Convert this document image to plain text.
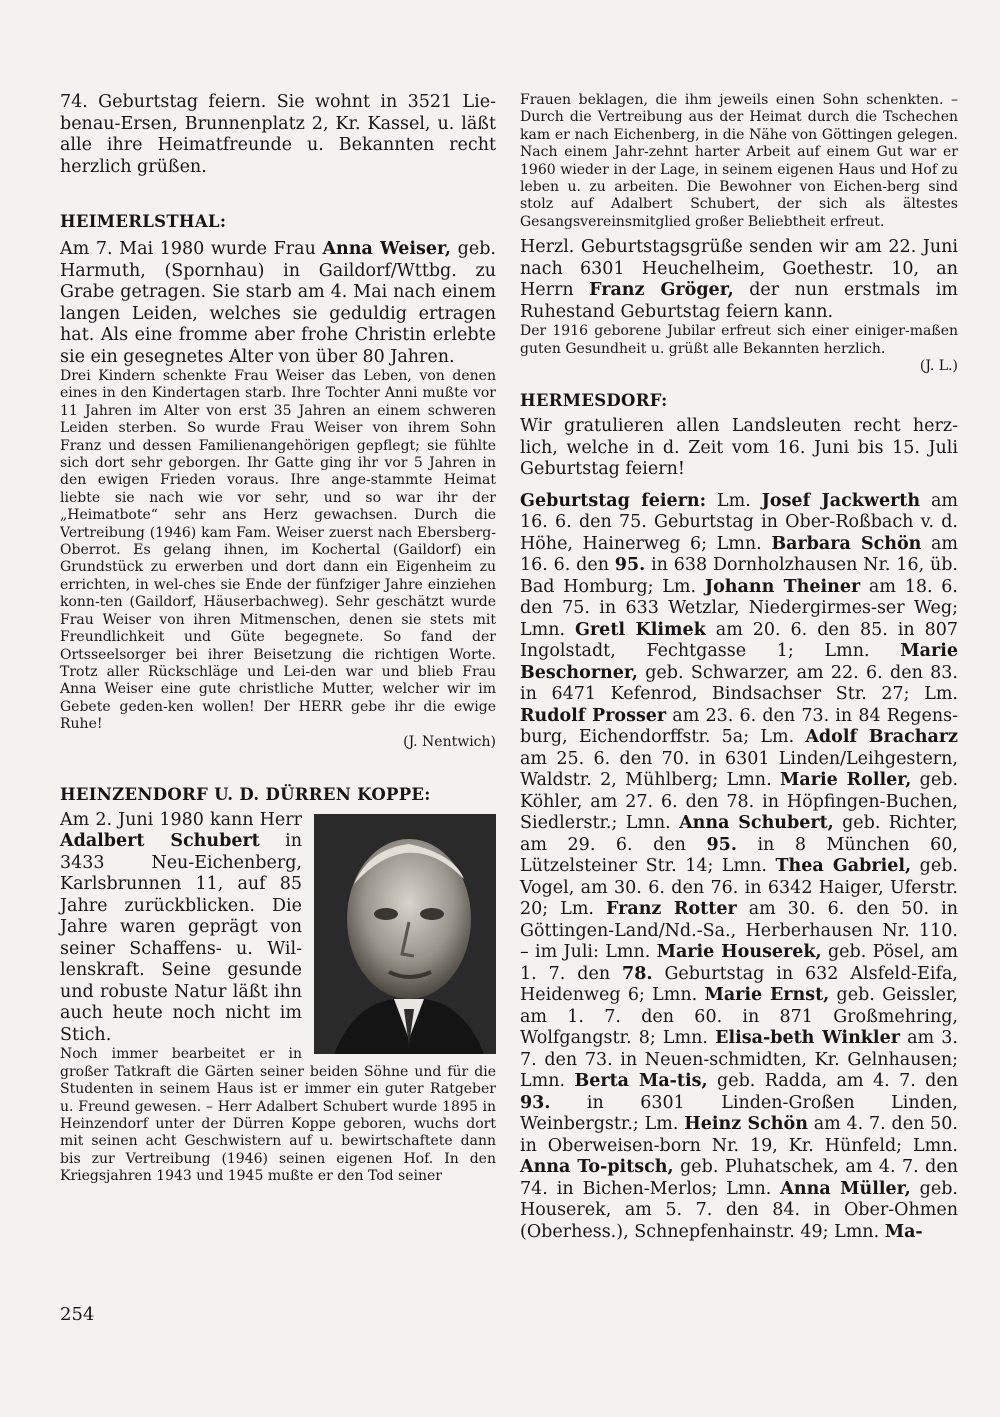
74. Geburtstag feiern. Sie wohnt in 3521 Lie-benau-Ersen, Brunnenplatz 2, Kr. Kassel, u. läßt alle ihre Heimatfreunde u. Bekannten recht herzlich grüßen.

HEIMERLSTHAL:

Am 7. Mai 1980 wurde Frau Anna Weiser, geb. Harmuth, (Spornhau) in Gaildorf/Wttbg. zu Grabe getragen. Sie starb am 4. Mai nach einem langen Leiden, welches sie geduldig ertragen hat. Als eine fromme aber frohe Christin erlebte sie ein gesegnetes Alter von über 80 Jahren.

Drei Kindern schenkte Frau Weiser das Leben, von denen eines in den Kindertagen starb. Ihre Tochter Anni mußte vor 11 Jahren im Alter von erst 35 Jahren an einem schweren Leiden sterben. So wurde Frau Weiser von ihrem Sohn Franz und dessen Familienangehörigen gepflegt; sie fühlte sich dort sehr geborgen. Ihr Gatte ging ihr vor 5 Jahren in den ewigen Frieden voraus. Ihre ange-stammte Heimat liebte sie nach wie vor sehr, und so war ihr der „Heimatbote“ sehr ans Herz gewachsen. Durch die Vertreibung (1946) kam Fam. Weiser zuerst nach Ebersberg-Oberrot. Es gelang ihnen, im Kochertal (Gaildorf) ein Grundstück zu erwerben und dort dann ein Eigenheim zu errichten, in wel-ches sie Ende der fünfziger Jahre einziehen konn-ten (Gaildorf, Häuserbachweg). Sehr geschätzt wurde Frau Weiser von ihren Mitmenschen, denen sie stets mit Freundlichkeit und Güte begegnete. So fand der Ortsseelsorger bei ihrer Beisetzung die richtigen Worte. Trotz aller Rückschläge und Lei-den war und blieb Frau Anna Weiser eine gute christliche Mutter, welcher wir im Gebete geden-ken wollen! Der HERR gebe ihr die ewige Ruhe!

(J. Nentwich)

HEINZENDORF U. D. DÜRREN KOPPE:

Am 2. Juni 1980 kann Herr Adalbert Schubert in 3433 Neu-Eichenberg, Karlsbrunnen 11, auf 85 Jahre zurückblicken. Die Jahre waren geprägt von seiner Schaffens- u. Wil-lenskraft. Seine gesunde und robuste Natur läßt ihn auch heute noch nicht im Stich.

Noch immer bearbeitet er in großer Tatkraft die Gärten seiner beiden Söhne und für die Studenten in seinem Haus ist er immer ein guter Ratgeber u. Freund gewesen. – Herr Adalbert Schubert wurde 1895 in Heinzendorf unter der Dürren Koppe geboren, wuchs dort mit seinen acht Geschwistern auf u. bewirtschaftete dann bis zur Vertreibung (1946) seinen eigenen Hof. In den Kriegsjahren 1943 und 1945 mußte er den Tod seiner

Frauen beklagen, die ihm jeweils einen Sohn schenkten. – Durch die Vertreibung aus der Heimat durch die Tschechen kam er nach Eichenberg, in die Nähe von Göttingen gelegen. Nach einem Jahr-zehnt harter Arbeit auf einem Gut war er 1960 wieder in der Lage, in seinem eigenen Haus und Hof zu leben u. zu arbeiten. Die Bewohner von Eichen-berg sind stolz auf Adalbert Schubert, der sich als ältestes Gesangsvereinsmitglied großer Beliebtheit erfreut.

Herzl. Geburtstagsgrüße senden wir am 22. Juni nach 6301 Heuchelheim, Goethestr. 10, an Herrn Franz Gröger, der nun erstmals im Ruhestand Geburtstag feiern kann.

Der 1916 geborene Jubilar erfreut sich einer einiger-maßen guten Gesundheit u. grüßt alle Bekannten herzlich.

(J. L.)

HERMESDORF:

Wir gratulieren allen Landsleuten recht herz-lich, welche in d. Zeit vom 16. Juni bis 15. Juli Geburtstag feiern!

Geburtstag feiern: Lm. Josef Jackwerth am 16. 6. den 75. Geburtstag in Ober-Roßbach v. d. Höhe, Hainerweg 6; Lmn. Barbara Schön am 16. 6. den 95. in 638 Dornholzhausen Nr. 16, üb. Bad Homburg; Lm. Johann Theiner am 18. 6. den 75. in 633 Wetzlar, Niedergirmes-ser Weg; Lmn. Gretl Klimek am 20. 6. den 85. in 807 Ingolstadt, Fechtgasse 1; Lmn. Marie Beschorner, geb. Schwarzer, am 22. 6. den 83. in 6471 Kefenrod, Bindsachser Str. 27; Lm. Rudolf Prosser am 23. 6. den 73. in 84 Regens-burg, Eichendorffstr. 5a; Lm. Adolf Bracharz am 25. 6. den 70. in 6301 Linden/Leihgestern, Waldstr. 2, Mühlberg; Lmn. Marie Roller, geb. Köhler, am 27. 6. den 78. in Höpfingen-Buchen, Siedlerstr.; Lmn. Anna Schubert, geb. Richter, am 29. 6. den 95. in 8 München 60, Lützelsteiner Str. 14; Lmn. Thea Gabriel, geb. Vogel, am 30. 6. den 76. in 6342 Haiger, Uferstr. 20; Lm. Franz Rotter am 30. 6. den 50. in Göttingen-Land/Nd.-Sa., Herberhausen Nr. 110. – im Juli: Lmn. Marie Houserek, geb. Pösel, am 1. 7. den 78. Geburtstag in 632 Alsfeld-Eifa, Heidenweg 6; Lmn. Marie Ernst, geb. Geissler, am 1. 7. den 60. in 871 Großmehring, Wolfgangstr. 8; Lmn. Elisa-beth Winkler am 3. 7. den 73. in Neuen-schmidten, Kr. Gelnhausen; Lmn. Berta Ma-tis, geb. Radda, am 4. 7. den 93. in 6301 Linden-Großen Linden, Weinbergstr.; Lm. Heinz Schön am 4. 7. den 50. in Oberweisen-born Nr. 19, Kr. Hünfeld; Lmn. Anna To-pitsch, geb. Pluhatschek, am 4. 7. den 74. in Bichen-Merlos; Lmn. Anna Müller, geb. Houserek, am 5. 7. den 84. in Ober-Ohmen (Oberhess.), Schnepfenhainstr. 49; Lmn. Ma-

254
